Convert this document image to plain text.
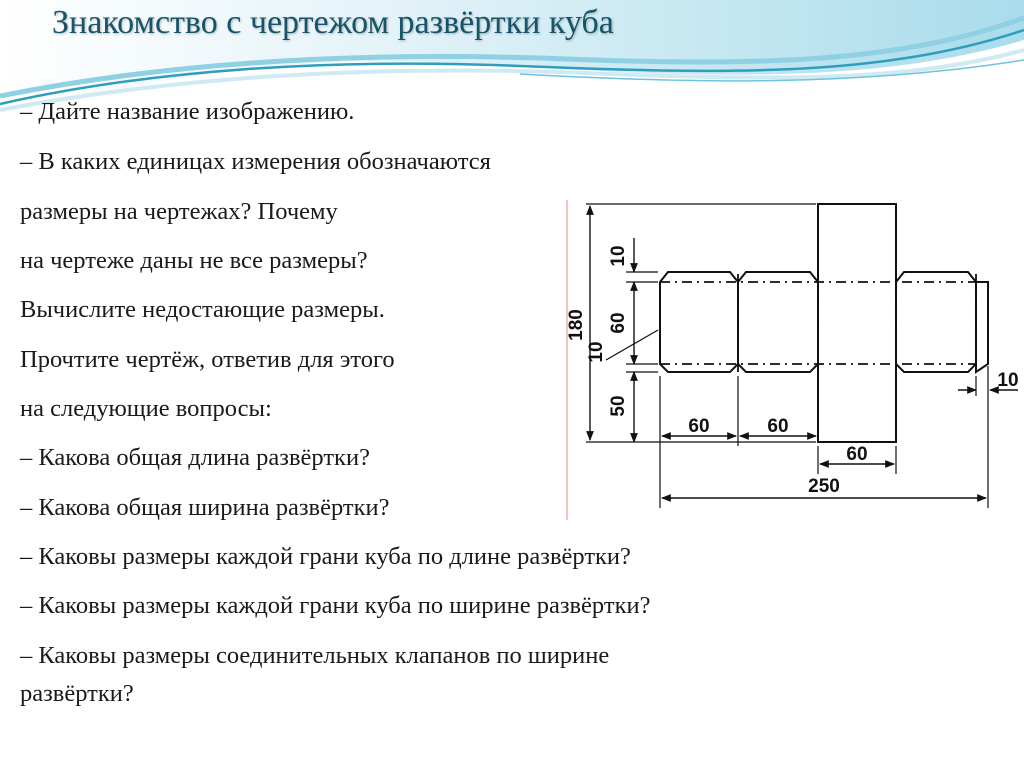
Знакомство с чертежом развёртки куба

– Дайте название изображению.

– В каких единицах измерения обозначаются

размеры на чертежах? Почему

на чертеже даны не все размеры?

Вычислите недостающие размеры.

Прочтите чертёж, ответив для этого

на следующие вопросы:

– Какова общая длина развёртки?

– Какова общая ширина развёртки?

– Каковы размеры каждой грани куба по длине развёртки?

– Каковы размеры каждой грани куба по ширине развёртки?

– Каковы размеры соединительных клапанов по ширине

развёртки?

180
10
60
10
50
60	60
60
250
10
